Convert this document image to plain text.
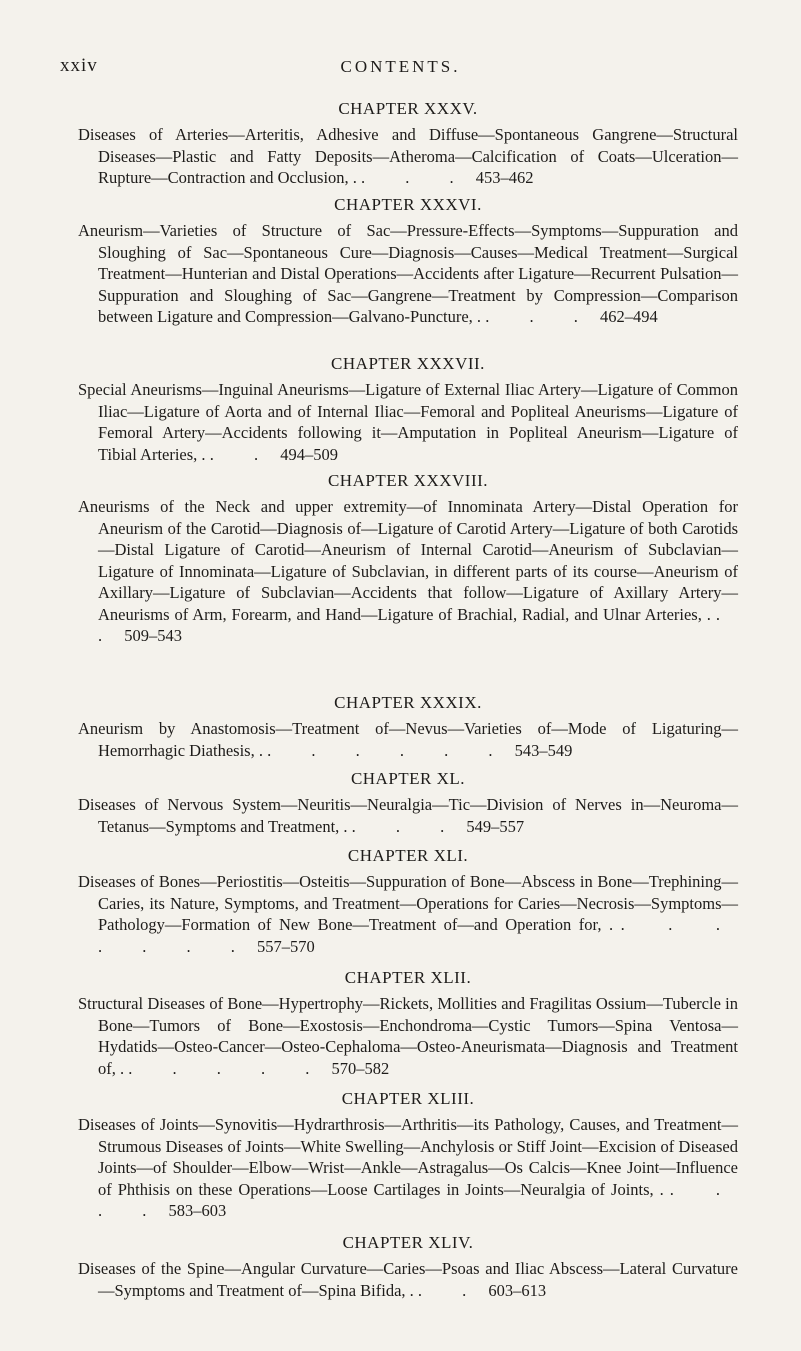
xxiv	CONTENTS.
CHAPTER XXXV.
Diseases of Arteries—Arteritis, Adhesive and Diffuse—Spontaneous Gangrene—Structural Diseases—Plastic and Fatty Deposits—Atheroma—Calcification of Coats—Ulceration—Rupture—Contraction and Occlusion, . . . . 453–462
CHAPTER XXXVI.
Aneurism—Varieties of Structure of Sac—Pressure-Effects—Symptoms—Suppuration and Sloughing of Sac—Spontaneous Cure—Diagnosis—Causes—Medical Treatment—Surgical Treatment—Hunterian and Distal Operations—Accidents after Ligature—Recurrent Pulsation—Suppuration and Sloughing of Sac—Gangrene—Treatment by Compression—Comparison between Ligature and Compression—Galvano-Puncture, . . . . 462–494
CHAPTER XXXVII.
Special Aneurisms—Inguinal Aneurisms—Ligature of External Iliac Artery—Ligature of Common Iliac—Ligature of Aorta and of Internal Iliac—Femoral and Popliteal Aneurisms—Ligature of Femoral Artery—Accidents following it—Amputation in Popliteal Aneurism—Ligature of Tibial Arteries, . . . 494–509
CHAPTER XXXVIII.
Aneurisms of the Neck and upper extremity—of Innominata Artery—Distal Operation for Aneurism of the Carotid—Diagnosis of—Ligature of Carotid Artery—Ligature of both Carotids—Distal Ligature of Carotid—Aneurism of Internal Carotid—Aneurism of Subclavian—Ligature of Innominata—Ligature of Subclavian, in different parts of its course—Aneurism of Axillary—Ligature of Subclavian—Accidents that follow—Ligature of Axillary Artery—Aneurisms of Arm, Forearm, and Hand—Ligature of Brachial, Radial, and Ulnar Arteries, . . . 509–543
CHAPTER XXXIX.
Aneurism by Anastomosis—Treatment of—Nevus—Varieties of—Mode of Ligaturing—Hemorrhagic Diathesis, . . . . . . . 543–549
CHAPTER XL.
Diseases of Nervous System—Neuritis—Neuralgia—Tic—Division of Nerves in—Neuroma—Tetanus—Symptoms and Treatment, . . . . 549–557
CHAPTER XLI.
Diseases of Bones—Periostitis—Osteitis—Suppuration of Bone—Abscess in Bone—Trephining—Caries, its Nature, Symptoms, and Treatment—Operations for Caries—Necrosis—Symptoms—Pathology—Formation of New Bone—Treatment of—and Operation for, . . . . . . . . 557–570
CHAPTER XLII.
Structural Diseases of Bone—Hypertrophy—Rickets, Mollities and Fragilitas Ossium—Tubercle in Bone—Tumors of Bone—Exostosis—Enchondroma—Cystic Tumors—Spina Ventosa—Hydatids—Osteo-Cancer—Osteo-Cephaloma—Osteo-Aneurismata—Diagnosis and Treatment of, . . . . . . 570–582
CHAPTER XLIII.
Diseases of Joints—Synovitis—Hydrarthrosis—Arthritis—its Pathology, Causes, and Treatment—Strumous Diseases of Joints—White Swelling—Anchylosis or Stiff Joint—Excision of Diseased Joints—of Shoulder—Elbow—Wrist—Ankle—Astragalus—Os Calcis—Knee Joint—Influence of Phthisis on these Operations—Loose Cartilages in Joints—Neuralgia of Joints, . . . . . 583–603
CHAPTER XLIV.
Diseases of the Spine—Angular Curvature—Caries—Psoas and Iliac Abscess—Lateral Curvature—Symptoms and Treatment of—Spina Bifida, . . . 603–613
